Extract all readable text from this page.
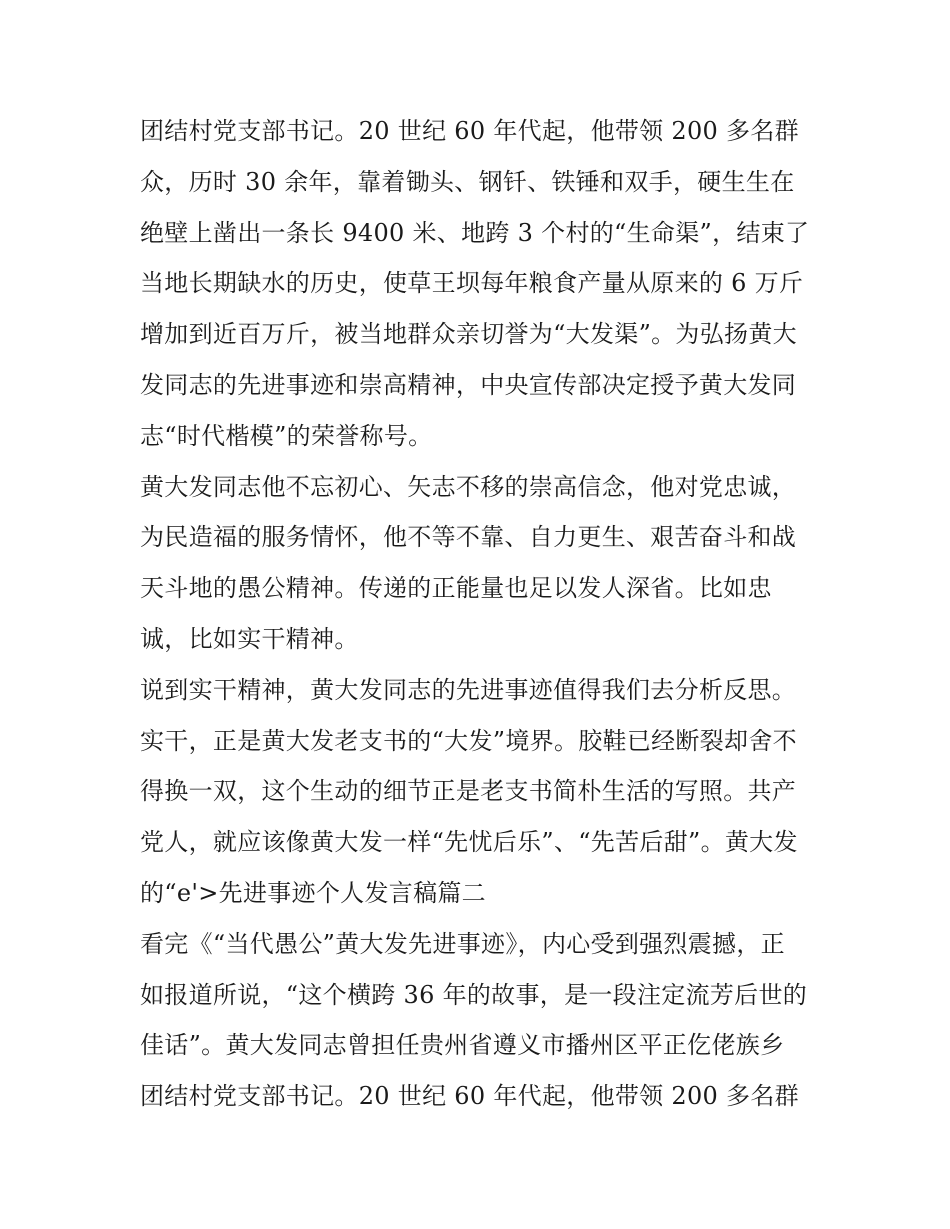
团结村党支部书记。20 世纪 60 年代起，他带领 200 多名群
众，历时 30 余年，靠着锄头、钢钎、铁锤和双手，硬生生在
绝壁上凿出一条长 9400 米、地跨 3 个村的“生命渠”，结束了
当地长期缺水的历史，使草王坝每年粮食产量从原来的 6 万斤
增加到近百万斤，被当地群众亲切誉为“大发渠”。为弘扬黄大
发同志的先进事迹和崇高精神，中央宣传部决定授予黄大发同
志“时代楷模”的荣誉称号。
黄大发同志他不忘初心、矢志不移的崇高信念，他对党忠诚，
为民造福的服务情怀，他不等不靠、自力更生、艰苦奋斗和战
天斗地的愚公精神。传递的正能量也足以发人深省。比如忠
诚，比如实干精神。
说到实干精神，黄大发同志的先进事迹值得我们去分析反思。
实干，正是黄大发老支书的“大发”境界。胶鞋已经断裂却舍不
得换一双，这个生动的细节正是老支书简朴生活的写照。共产
党人，就应该像黄大发一样“先忧后乐”、“先苦后甜”。黄大发
的“e'>先进事迹个人发言稿篇二
看完《“当代愚公”黄大发先进事迹》，内心受到强烈震撼，正
如报道所说，“这个横跨 36 年的故事，是一段注定流芳后世的
佳话”。黄大发同志曾担任贵州省遵义市播州区平正仡佬族乡
团结村党支部书记。20 世纪 60 年代起，他带领 200 多名群
